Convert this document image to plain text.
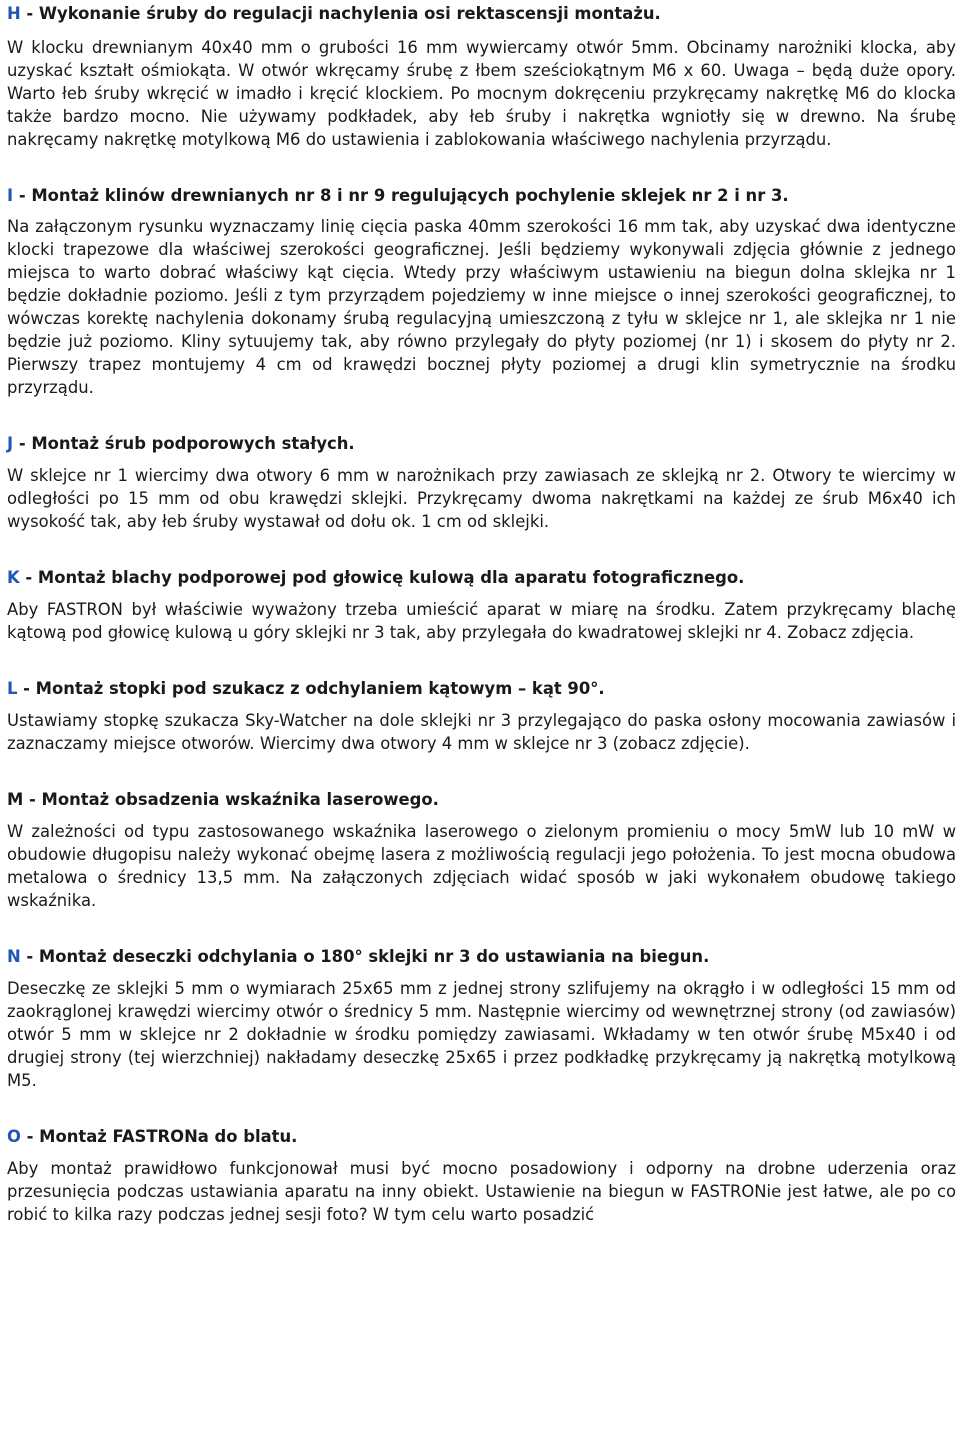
H - Wykonanie śruby do regulacji nachylenia osi rektascensji montażu.

W klocku drewnianym 40x40 mm o grubości 16 mm wywiercamy otwór 5mm. Obcinamy narożniki klocka, aby uzyskać kształt ośmiokąta. W otwór wkręcamy śrubę z łbem sześciokątnym M6 x 60. Uwaga – będą duże opory. Warto łeb śruby wkręcić w imadło i kręcić klockiem. Po mocnym dokręceniu przykręcamy nakrętkę M6 do klocka także bardzo mocno. Nie używamy podkładek, aby łeb śruby i nakrętka wgniotły się w drewno. Na śrubę nakręcamy nakrętkę motylkową M6 do ustawienia i zablokowania właściwego nachylenia przyrządu.

I - Montaż klinów drewnianych nr 8 i nr 9 regulujących pochylenie sklejek nr 2 i nr 3.

Na załączonym rysunku wyznaczamy linię cięcia paska 40mm szerokości 16 mm tak, aby uzyskać dwa identyczne klocki trapezowe dla właściwej szerokości geograficznej. Jeśli będziemy wykonywali zdjęcia głównie z jednego miejsca to warto dobrać właściwy kąt cięcia. Wtedy przy właściwym ustawieniu na biegun dolna sklejka nr 1 będzie dokładnie poziomo. Jeśli z tym przyrządem pojedziemy w inne miejsce o innej szerokości geograficznej, to wówczas korektę nachylenia dokonamy śrubą regulacyjną umieszczoną z tyłu w sklejce nr 1, ale sklejka nr 1 nie będzie już poziomo. Kliny sytuujemy tak, aby równo przylegały do płyty poziomej (nr 1) i skosem do płyty nr 2. Pierwszy trapez montujemy 4 cm od krawędzi bocznej płyty poziomej a drugi klin symetrycznie na środku przyrządu.

J - Montaż śrub podporowych stałych.

W sklejce nr 1 wiercimy dwa otwory 6 mm w narożnikach przy zawiasach ze sklejką nr 2. Otwory te wiercimy w odległości po 15 mm od obu krawędzi sklejki. Przykręcamy dwoma nakrętkami na każdej ze śrub M6x40 ich wysokość tak, aby łeb śruby wystawał od dołu ok. 1 cm od sklejki.

K - Montaż blachy podporowej pod głowicę kulową dla aparatu fotograficznego.

Aby FASTRON był właściwie wyważony trzeba umieścić aparat w miarę na środku. Zatem przykręcamy blachę kątową pod głowicę kulową u góry sklejki nr 3 tak, aby przylegała do kwadratowej sklejki nr 4. Zobacz zdjęcia.

L - Montaż stopki pod szukacz z odchylaniem kątowym – kąt 90°.

Ustawiamy stopkę szukacza Sky-Watcher na dole sklejki nr 3 przylegająco do paska osłony mocowania zawiasów i zaznaczamy miejsce otworów. Wiercimy dwa otwory 4 mm w sklejce nr 3 (zobacz zdjęcie).

M - Montaż obsadzenia wskaźnika laserowego.

W zależności od typu zastosowanego wskaźnika laserowego o zielonym promieniu o mocy 5mW lub 10 mW w obudowie długopisu należy wykonać obejmę lasera z możliwością regulacji jego położenia. To jest mocna obudowa metalowa o średnicy 13,5 mm. Na załączonych zdjęciach widać sposób w jaki wykonałem obudowę takiego wskaźnika.

N - Montaż deseczki odchylania o 180° sklejki nr 3 do ustawiania na biegun.

Deseczkę ze sklejki 5 mm o wymiarach 25x65 mm z jednej strony szlifujemy na okrągło i w odległości 15 mm od zaokrąglonej krawędzi wiercimy otwór o średnicy 5 mm. Następnie wiercimy od wewnętrznej strony (od zawiasów) otwór 5 mm w sklejce nr 2 dokładnie w środku pomiędzy zawiasami. Wkładamy w ten otwór śrubę M5x40 i od drugiej strony (tej wierzchniej) nakładamy deseczkę 25x65 i przez podkładkę przykręcamy ją nakrętką motylkową M5.

O - Montaż FASTRONa do blatu.

Aby montaż prawidłowo funkcjonował musi być mocno posadowiony i odporny na drobne uderzenia oraz przesunięcia podczas ustawiania aparatu na inny obiekt. Ustawienie na biegun w FASTRONie jest łatwe, ale po co robić to kilka razy podczas jednej sesji foto? W tym celu warto posadzić
